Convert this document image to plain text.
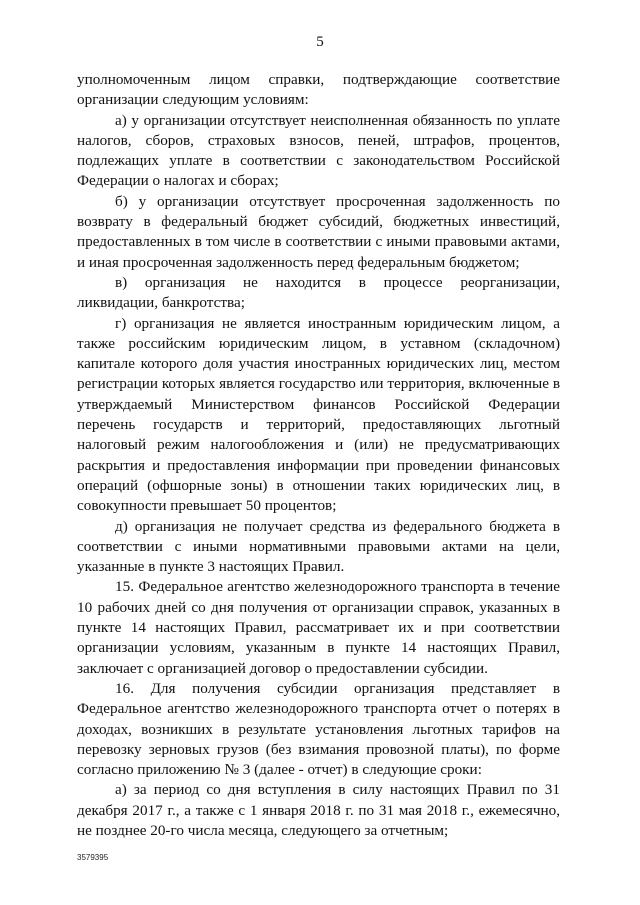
5

уполномоченным лицом справки, подтверждающие соответствие организации следующим условиям:

а) у организации отсутствует неисполненная обязанность по уплате налогов, сборов, страховых взносов, пеней, штрафов, процентов, подлежащих уплате в соответствии с законодательством Российской Федерации о налогах и сборах;

б) у организации отсутствует просроченная задолженность по возврату в федеральный бюджет субсидий, бюджетных инвестиций, предоставленных в том числе в соответствии с иными правовыми актами, и иная просроченная задолженность перед федеральным бюджетом;

в) организация не находится в процессе реорганизации, ликвидации, банкротства;

г) организация не является иностранным юридическим лицом, а также российским юридическим лицом, в уставном (складочном) капитале которого доля участия иностранных юридических лиц, местом регистрации которых является государство или территория, включенные в утверждаемый Министерством финансов Российской Федерации перечень государств и территорий, предоставляющих льготный налоговый режим налогообложения и (или) не предусматривающих раскрытия и предоставления информации при проведении финансовых операций (офшорные зоны) в отношении таких юридических лиц, в совокупности превышает 50 процентов;

д) организация не получает средства из федерального бюджета в соответствии с иными нормативными правовыми актами на цели, указанные в пункте 3 настоящих Правил.

15. Федеральное агентство железнодорожного транспорта в течение 10 рабочих дней со дня получения от организации справок, указанных в пункте 14 настоящих Правил, рассматривает их и при соответствии организации условиям, указанным в пункте 14 настоящих Правил, заключает с организацией договор о предоставлении субсидии.

16. Для получения субсидии организация представляет в Федеральное агентство железнодорожного транспорта отчет о потерях в доходах, возникших в результате установления льготных тарифов на перевозку зерновых грузов (без взимания провозной платы), по форме согласно приложению № 3 (далее - отчет) в следующие сроки:

а) за период со дня вступления в силу настоящих Правил по 31 декабря 2017 г., а также с 1 января 2018 г. по 31 мая 2018 г., ежемесячно, не позднее 20-го числа месяца, следующего за отчетным;

3579395
